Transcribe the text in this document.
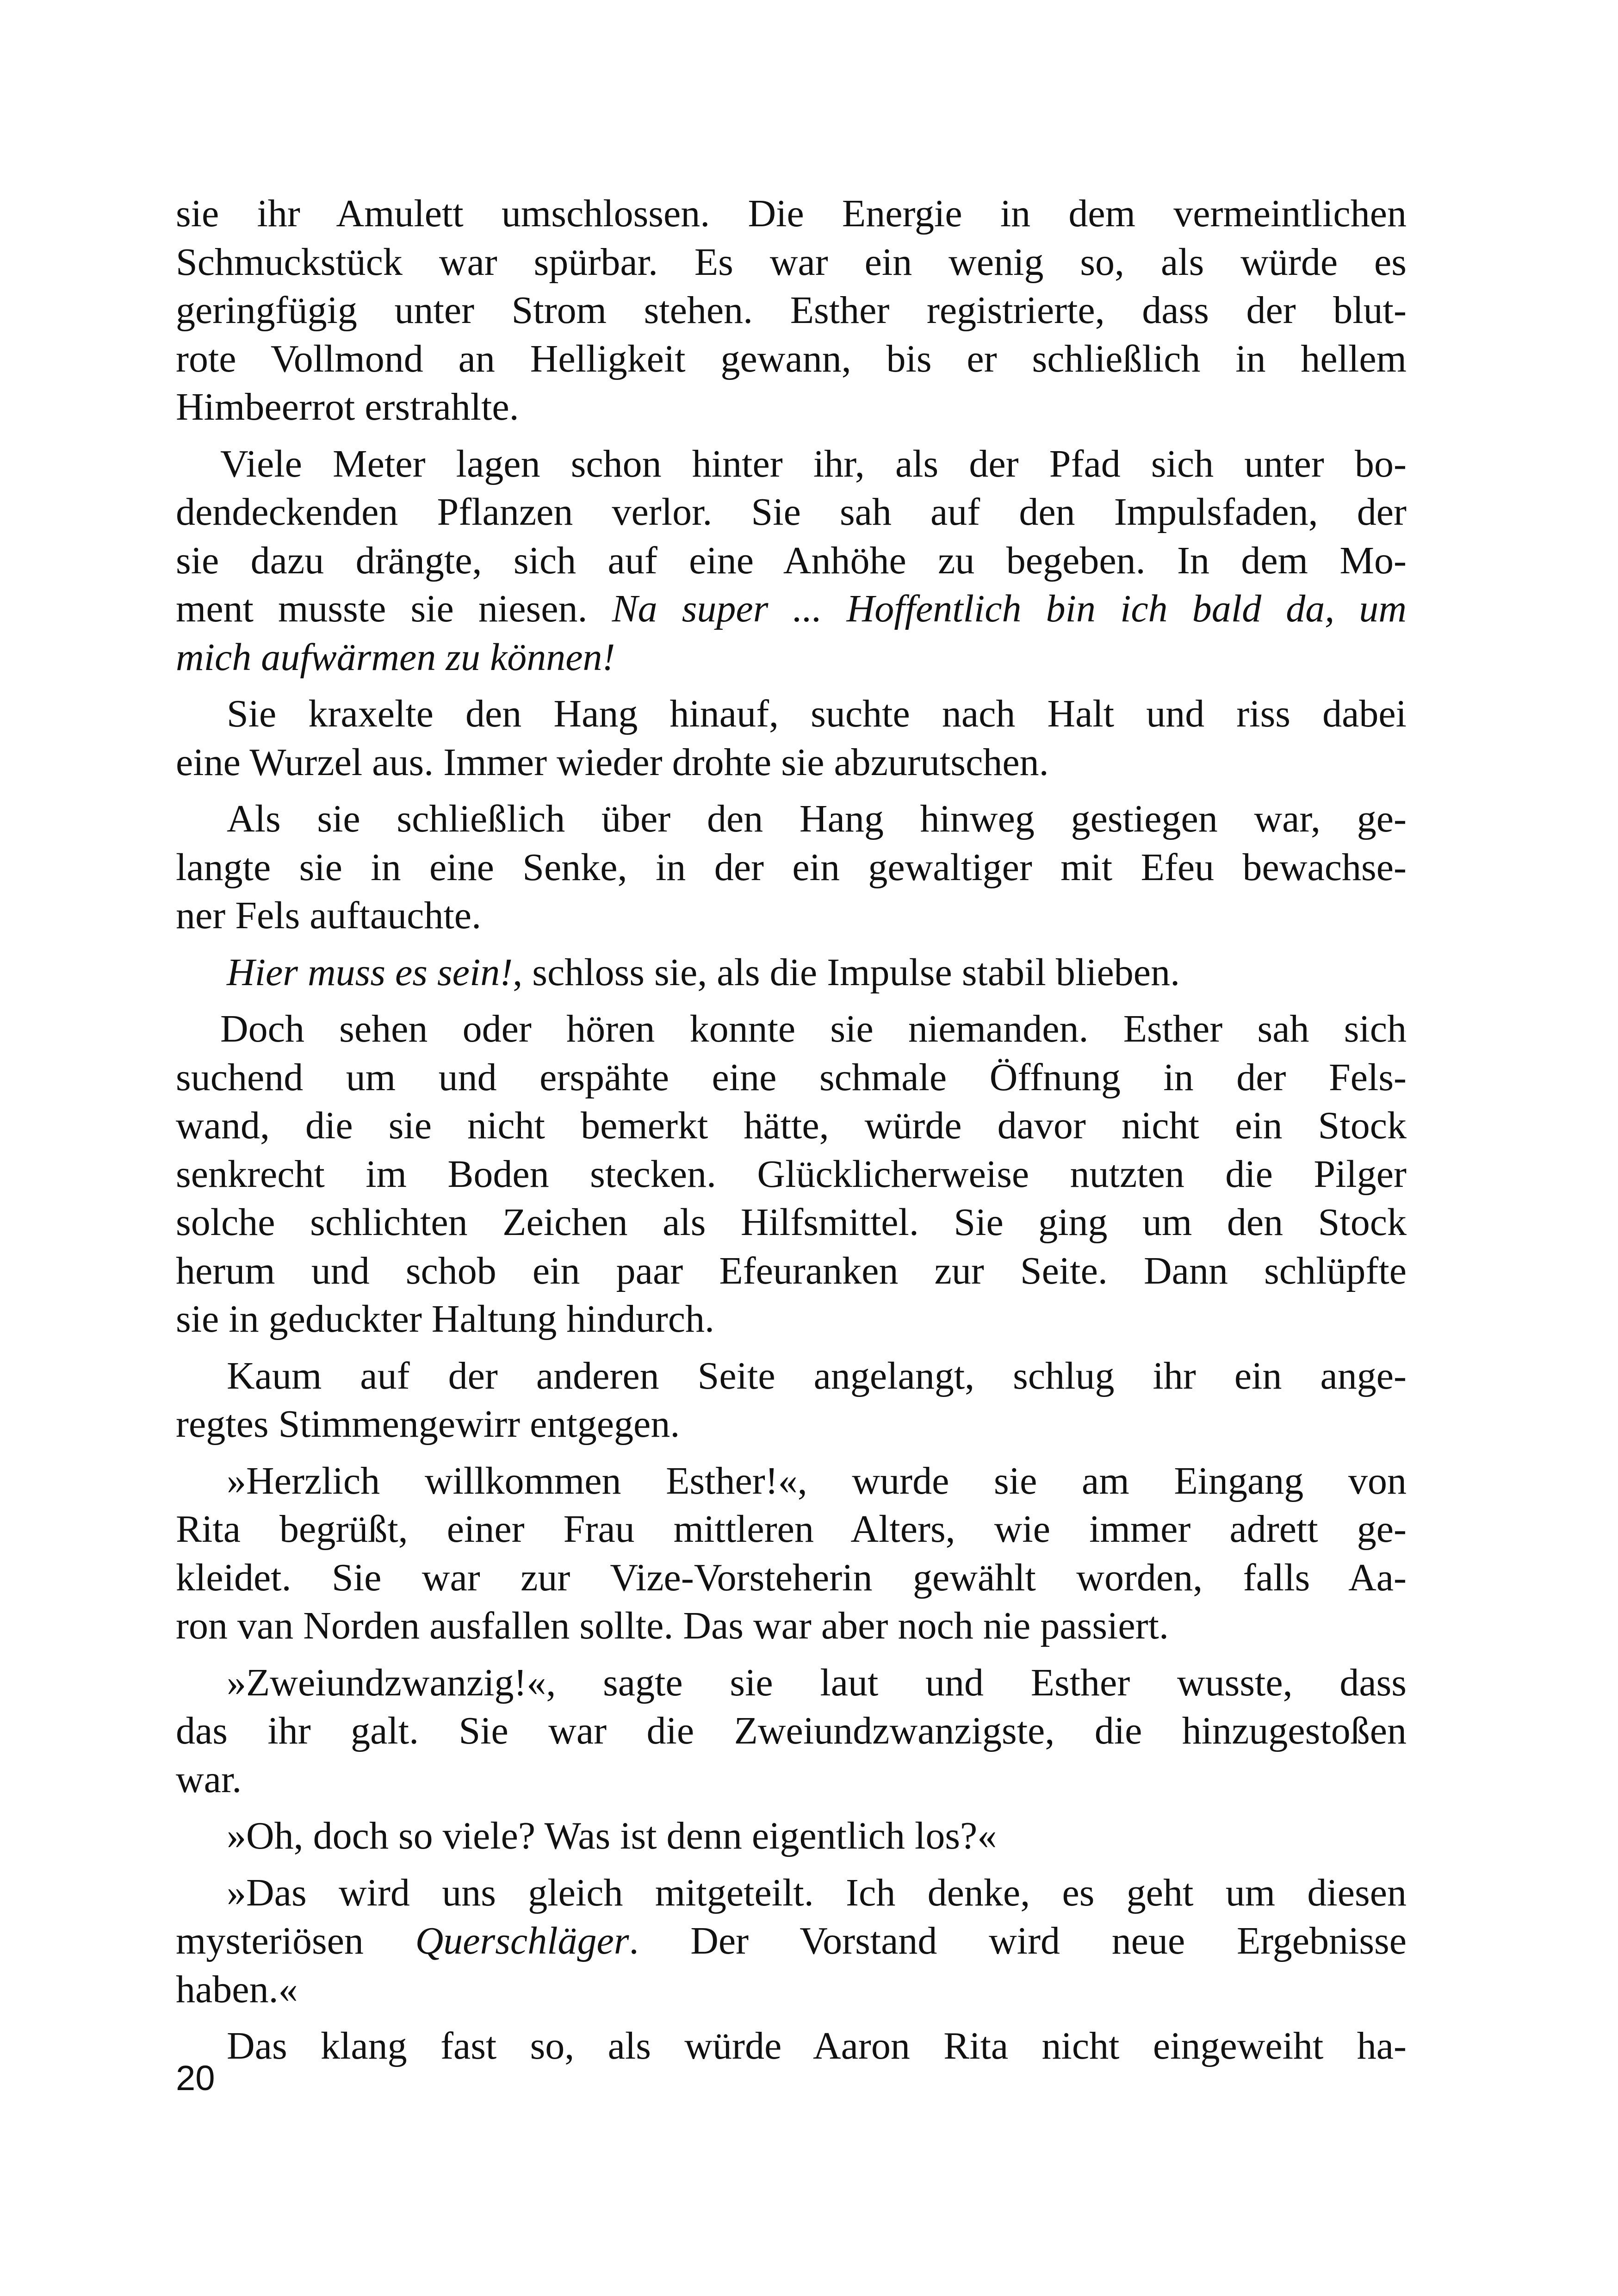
sie ihr Amulett umschlossen. Die Energie in dem vermeintlichen
Schmuckstück war spürbar. Es war ein wenig so, als würde es
geringfügig unter Strom stehen. Esther registrierte, dass der blut-
rote Vollmond an Helligkeit gewann, bis er schließlich in hellem
Himbeerrot erstrahlte.
Viele Meter lagen schon hinter ihr, als der Pfad sich unter bo-
dendeckenden Pflanzen verlor. Sie sah auf den Impulsfaden, der
sie dazu drängte, sich auf eine Anhöhe zu begeben. In dem Mo-
ment musste sie niesen. Na super ... Hoffentlich bin ich bald da, um
mich aufwärmen zu können!
Sie kraxelte den Hang hinauf, suchte nach Halt und riss dabei
eine Wurzel aus. Immer wieder drohte sie abzurutschen.
Als sie schließlich über den Hang hinweg gestiegen war, ge-
langte sie in eine Senke, in der ein gewaltiger mit Efeu bewachse-
ner Fels auftauchte.
Hier muss es sein!, schloss sie, als die Impulse stabil blieben.
Doch sehen oder hören konnte sie niemanden. Esther sah sich
suchend um und erspähte eine schmale Öffnung in der Fels-
wand, die sie nicht bemerkt hätte, würde davor nicht ein Stock
senkrecht im Boden stecken. Glücklicherweise nutzten die Pilger
solche schlichten Zeichen als Hilfsmittel. Sie ging um den Stock
herum und schob ein paar Efeuranken zur Seite. Dann schlüpfte
sie in geduckter Haltung hindurch.
Kaum auf der anderen Seite angelangt, schlug ihr ein ange-
regtes Stimmengewirr entgegen.
»Herzlich willkommen Esther!«, wurde sie am Eingang von
Rita begrüßt, einer Frau mittleren Alters, wie immer adrett ge-
kleidet. Sie war zur Vize-Vorsteherin gewählt worden, falls Aa-
ron van Norden ausfallen sollte. Das war aber noch nie passiert.
»Zweiundzwanzig!«, sagte sie laut und Esther wusste, dass
das ihr galt. Sie war die Zweiundzwanzigste, die hinzugestoßen
war.
»Oh, doch so viele? Was ist denn eigentlich los?«
»Das wird uns gleich mitgeteilt. Ich denke, es geht um diesen
mysteriösen Querschläger. Der Vorstand wird neue Ergebnisse
haben.«
Das klang fast so, als würde Aaron Rita nicht eingeweiht ha-
20
